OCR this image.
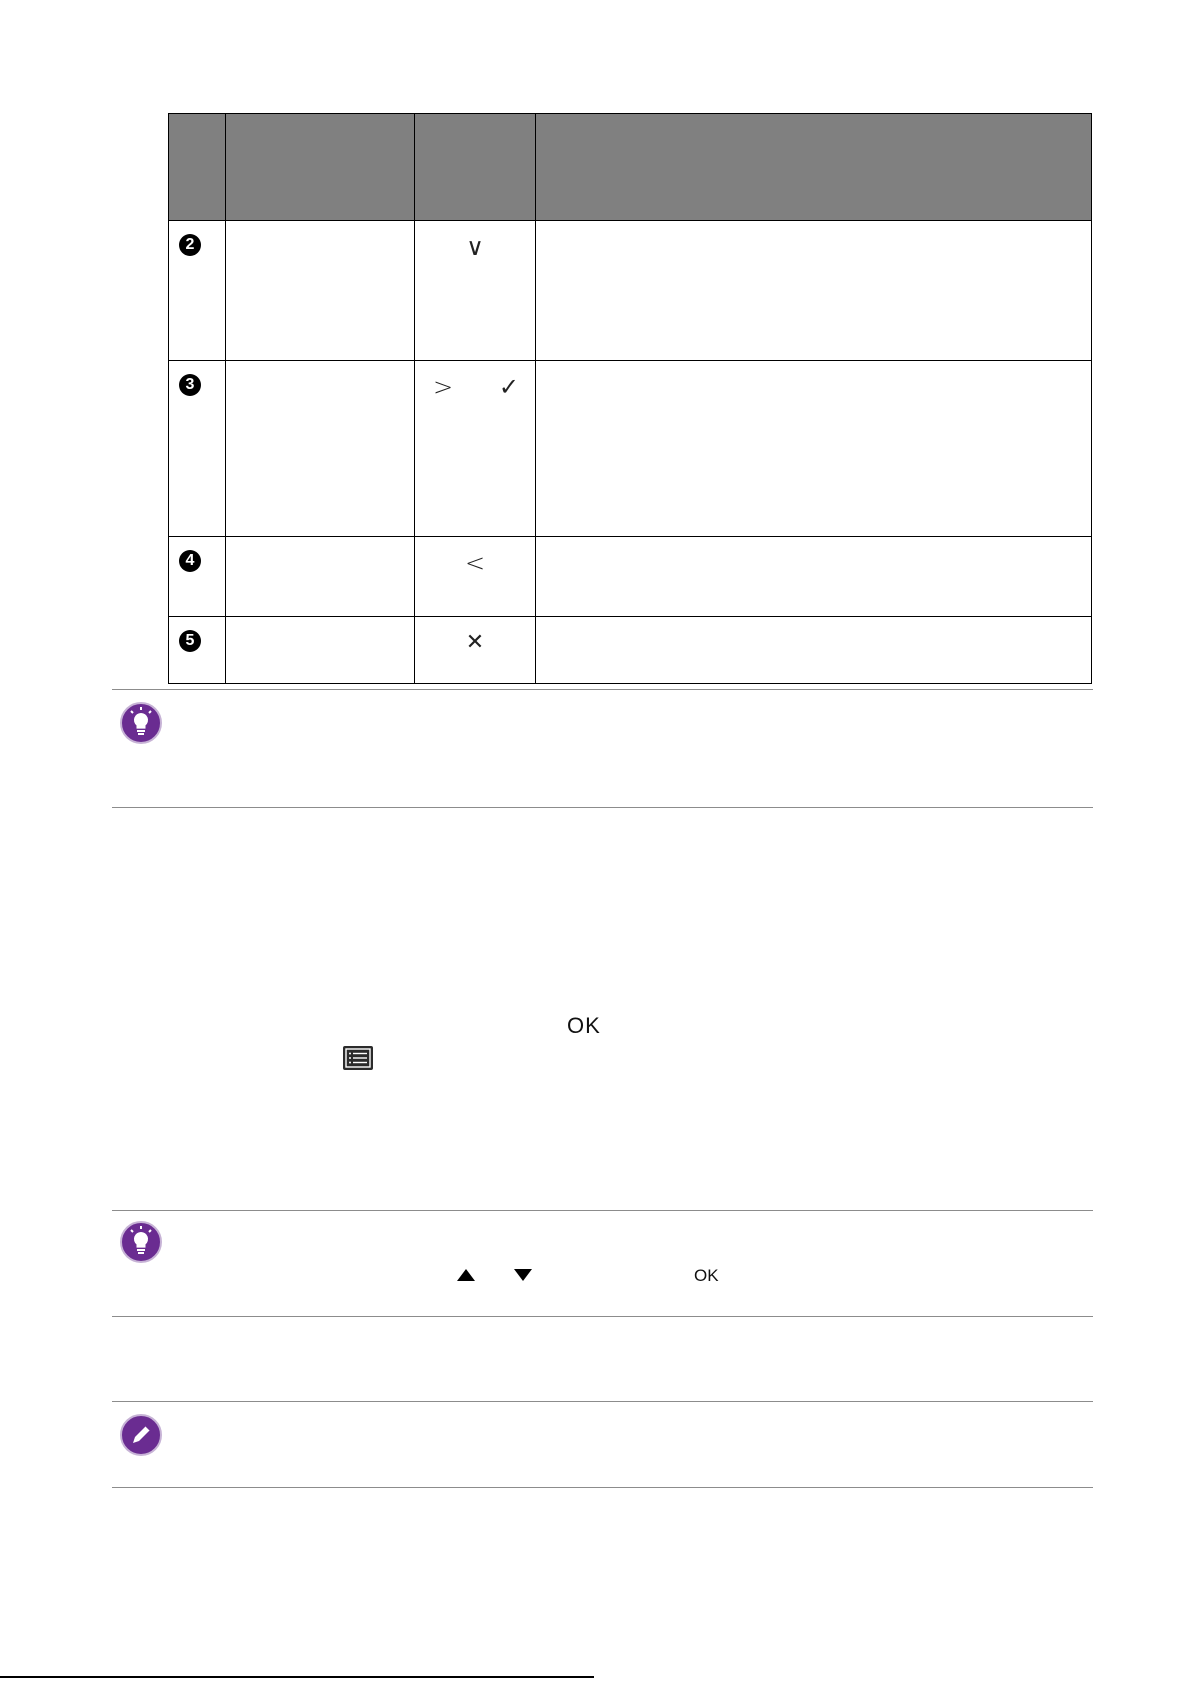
2		∨	
3		> ✓	

4		<	
5		✕	
OK
OK
